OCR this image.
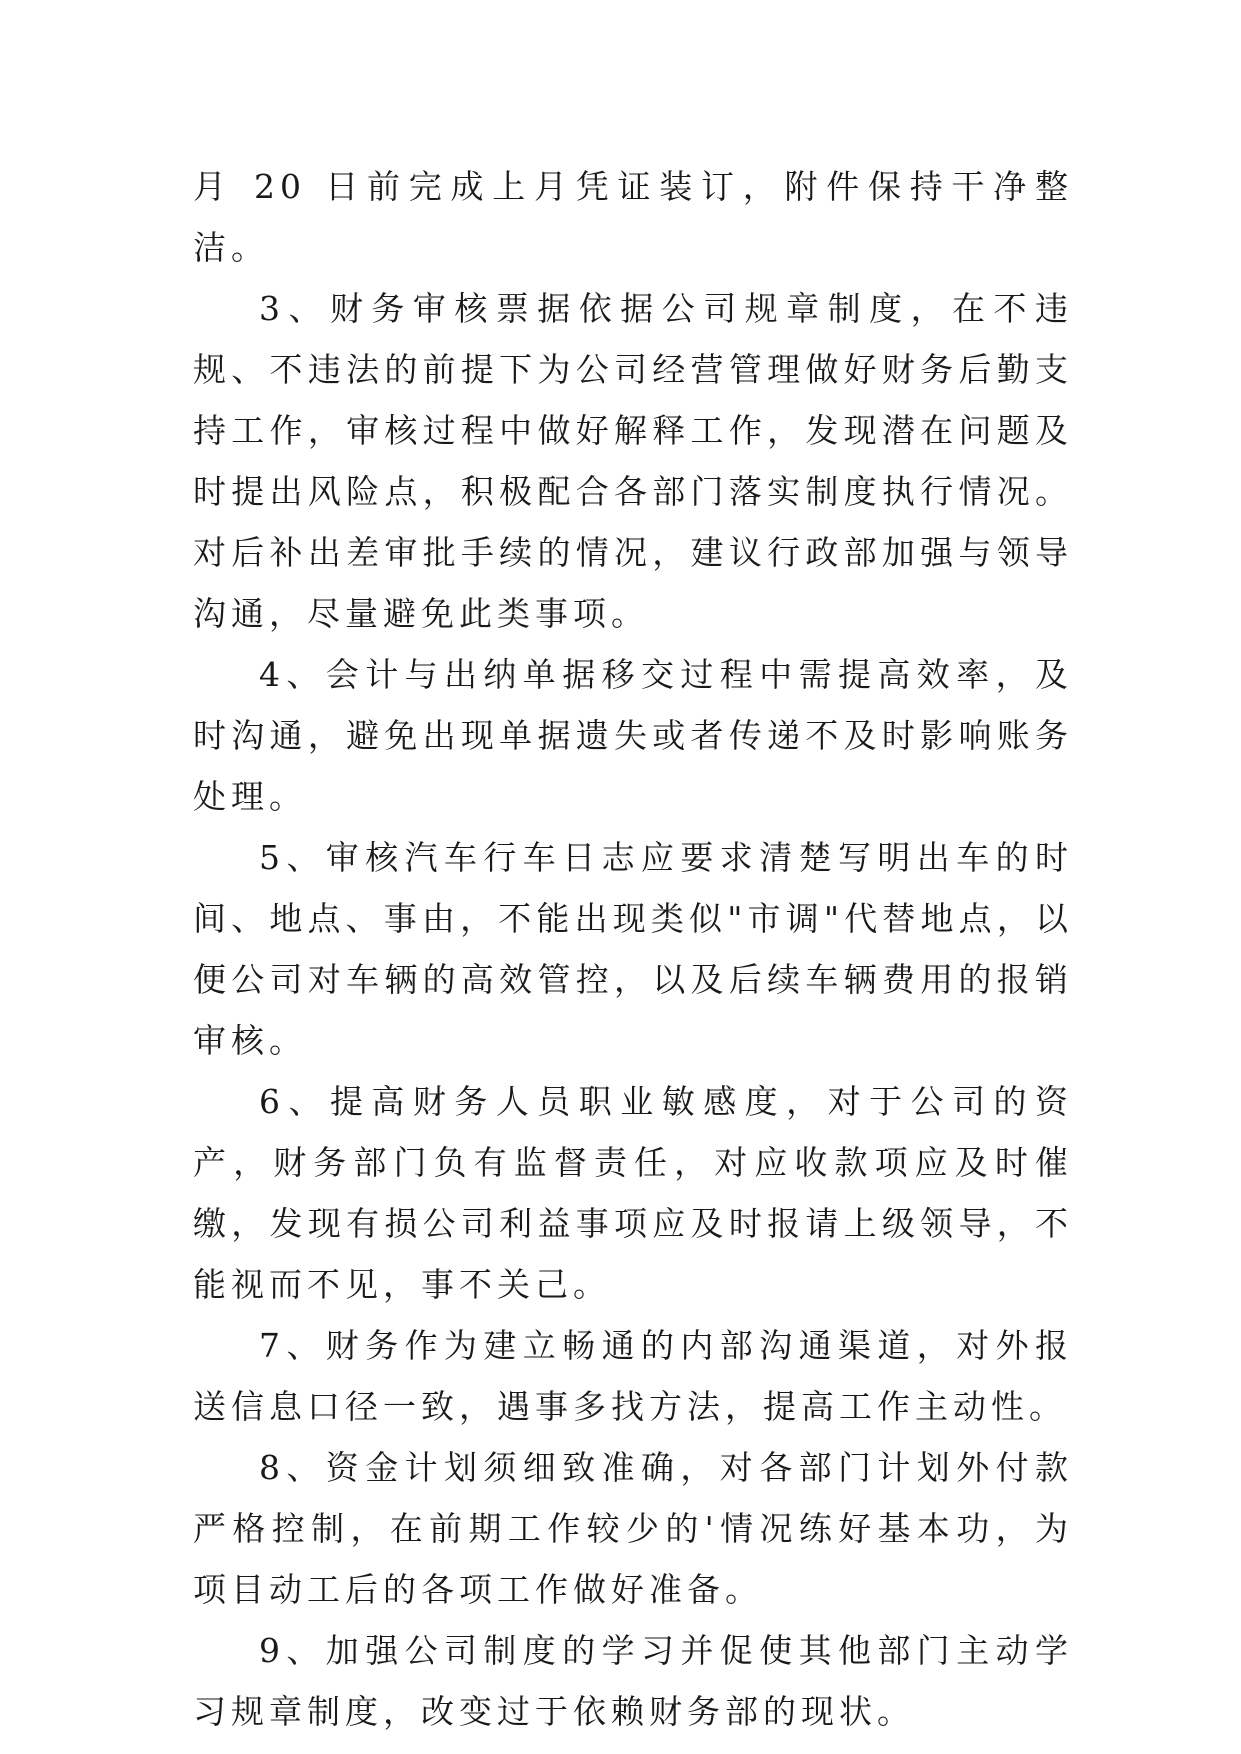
月 20 日前完成上月凭证装订，附件保持干净整洁。

3、财务审核票据依据公司规章制度，在不违规、不违法的前提下为公司经营管理做好财务后勤支持工作，审核过程中做好解释工作，发现潜在问题及时提出风险点，积极配合各部门落实制度执行情况。对后补出差审批手续的情况，建议行政部加强与领导沟通，尽量避免此类事项。

4、会计与出纳单据移交过程中需提高效率，及时沟通，避免出现单据遗失或者传递不及时影响账务处理。

5、审核汽车行车日志应要求清楚写明出车的时间、地点、事由，不能出现类似"市调"代替地点，以便公司对车辆的高效管控，以及后续车辆费用的报销审核。

6、提高财务人员职业敏感度，对于公司的资产，财务部门负有监督责任，对应收款项应及时催缴，发现有损公司利益事项应及时报请上级领导，不能视而不见，事不关己。

7、财务作为建立畅通的内部沟通渠道，对外报送信息口径一致，遇事多找方法，提高工作主动性。

8、资金计划须细致准确，对各部门计划外付款严格控制，在前期工作较少的'情况练好基本功，为项目动工后的各项工作做好准备。

9、加强公司制度的学习并促使其他部门主动学习规章制度，改变过于依赖财务部的现状。
